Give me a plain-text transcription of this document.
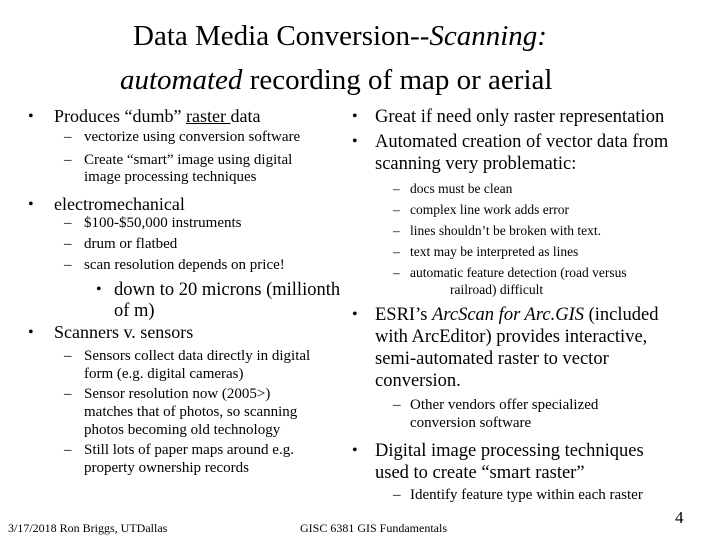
Data Media Conversion--Scanning:
automated recording of map or aerial
• Produces “dumb” raster data
– vectorize using conversion software
– Create “smart” image using digital
image processing techniques
• electromechanical
– $100-$50,000 instruments
– drum or flatbed
– scan resolution depends on price!
• down to 20 microns (millionth
of m)
• Scanners v. sensors
– Sensors collect data directly in digital
form (e.g. digital cameras)
– Sensor resolution now (2005>)
matches that of photos, so scanning
photos becoming old technology
– Still lots of paper maps around e.g.
property ownership records
• Great if need only raster representation
• Automated creation of vector data from
scanning very problematic:
– docs must be clean
– complex line work adds error
– lines shouldn’t be broken with text.
– text may be interpreted as lines
– automatic feature detection (road versus
railroad) difficult
• ESRI’s ArcScan for Arc.GIS (included
with ArcEditor) provides interactive,
semi-automated raster to vector
conversion.
– Other vendors offer specialized
conversion software
• Digital image processing techniques
used to create “smart raster”
– Identify feature type within each raster
3/17/2018 Ron Briggs, UTDallas	GISC 6381 GIS Fundamentals
4
